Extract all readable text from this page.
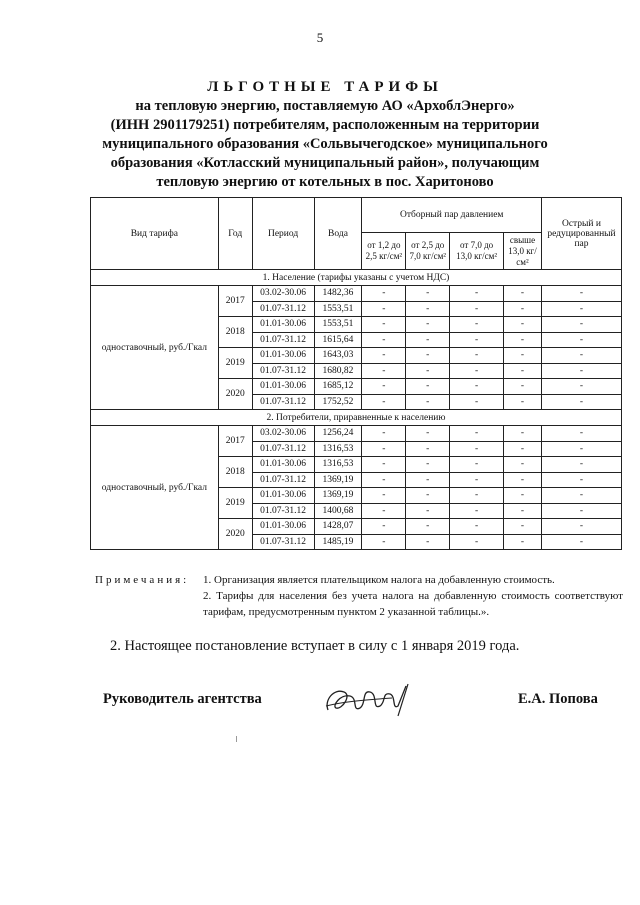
5
ЛЬГОТНЫЕ ТАРИФЫ
на тепловую энергию, поставляемую АО «АрхоблЭнерго»
(ИНН 2901179251) потребителям, расположенным на территории
муниципального образования «Сольвычегодское» муниципального
образования «Котласский муниципальный район», получающим
тепловую энергию от котельных в пос. Харитоново
Вид тарифа	Год	Период	Вода	Отборный пар давлением				Острый и редуцированный пар
				от 1,2 до 2,5 кг/см²	от 2,5 до 7,0 кг/см²	от 7,0 до 13,0 кг/см²	свыше 13,0 кг/см²	
1. Население (тарифы указаны с учетом НДС)								
одноставочный, руб./Гкал	2017	03.02-30.06	1482,36	-	-	-	-	-
		01.07-31.12	1553,51	-	-	-	-	-
	2018	01.01-30.06	1553,51	-	-	-	-	-
		01.07-31.12	1615,64	-	-	-	-	-
	2019	01.01-30.06	1643,03	-	-	-	-	-
		01.07-31.12	1680,82	-	-	-	-	-
	2020	01.01-30.06	1685,12	-	-	-	-	-
		01.07-31.12	1752,52	-	-	-	-	-
2. Потребители, приравненные к населению								
одноставочный, руб./Гкал	2017	03.02-30.06	1256,24	-	-	-	-	-
		01.07-31.12	1316,53	-	-	-	-	-
	2018	01.01-30.06	1316,53	-	-	-	-	-
		01.07-31.12	1369,19	-	-	-	-	-
	2019	01.01-30.06	1369,19	-	-	-	-	-
		01.07-31.12	1400,68	-	-	-	-	-
	2020	01.01-30.06	1428,07	-	-	-	-	-
		01.07-31.12	1485,19	-	-	-	-	-
Примечания: 1. Организация является плательщиком налога на добавленную стоимость.
2. Тарифы для населения без учета налога на добавленную стоимость соответствуют тарифам, предусмотренным пунктом 2 указанной таблицы.».
2. Настоящее постановление вступает в силу с 1 января 2019 года.
Руководитель агентства	Е.А. Попова
